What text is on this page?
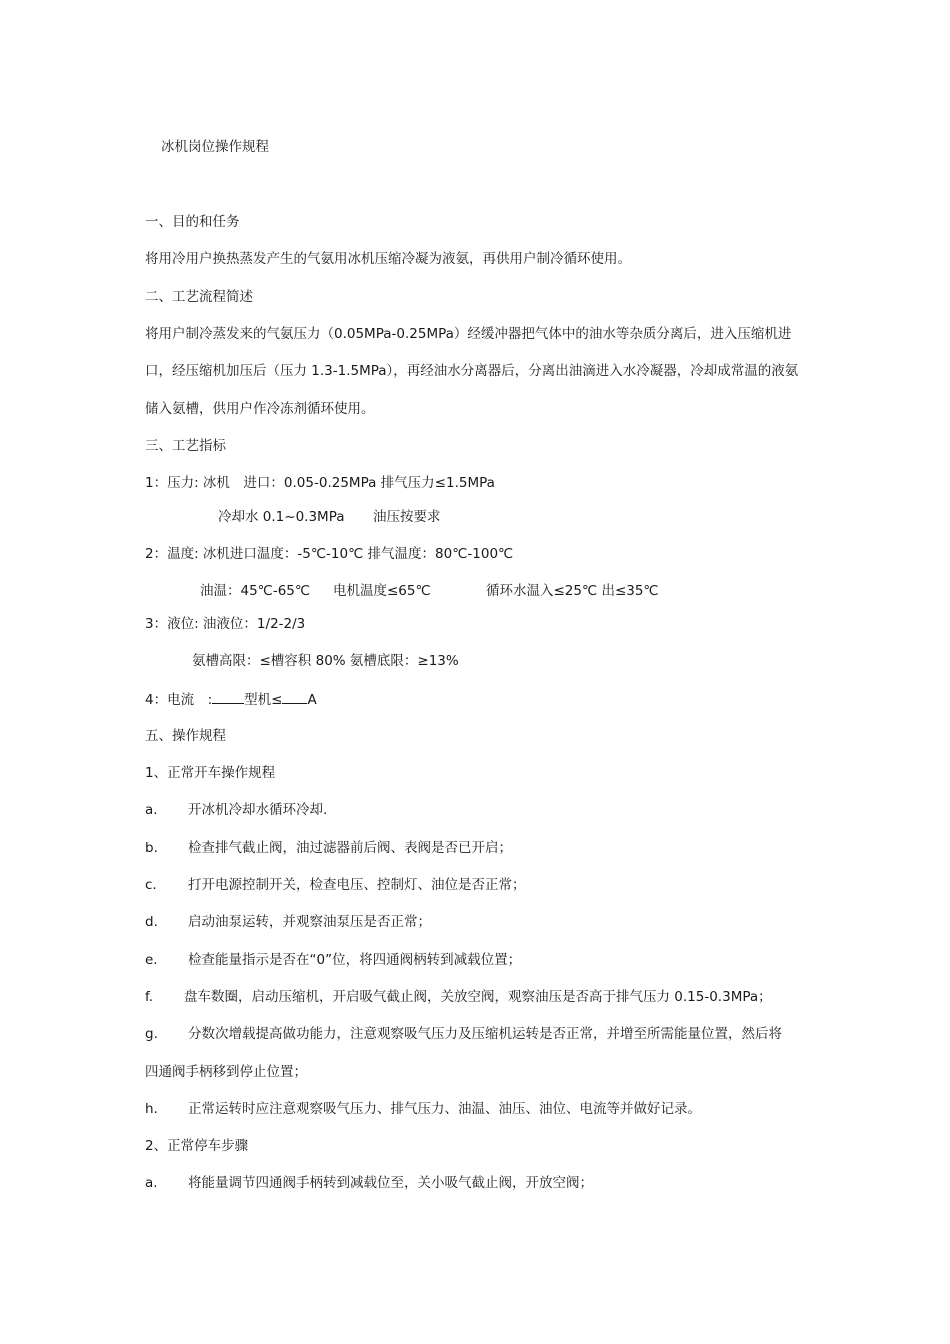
冰机岗位操作规程
一、目的和任务
将用冷用户换热蒸发产生的气氨用冰机压缩冷凝为液氨，再供用户制冷循环使用。
二、工艺流程简述
将用户制冷蒸发来的气氨压力（0.05MPa-0.25MPa）经缓冲器把气体中的油水等杂质分离后，进入压缩机进
口，经压缩机加压后（压力 1.3-1.5MPa），再经油水分离器后，分离出油滴进入水冷凝器，冷却成常温的液氨
储入氨槽，供用户作冷冻剂循环使用。
三、工艺指标
1：压力: 冰机　进口：0.05-0.25MPa 排气压力≤1.5MPa
冷却水 0.1~0.3MPa 油压按要求
2：温度: 冰机进口温度：-5℃-10℃ 排气温度：80℃-100℃
油温：45℃-65℃ 电机温度≤65℃	循环水温入≤25℃ 出≤35℃
3：液位: 油液位：1/2-2/3
氨槽高限：≤槽容积 80% 氨槽底限：≥13%
4：电流　: 型机≤ A
五、操作规程
1、正常开车操作规程
a. 开冰机冷却水循环冷却.
b. 检查排气截止阀，油过滤器前后阀、表阀是否已开启；
c. 打开电源控制开关，检查电压、控制灯、油位是否正常；
d. 启动油泵运转，并观察油泵压是否正常；
e. 检查能量指示是否在“0”位，将四通阀柄转到减载位置；
f. 盘车数圈，启动压缩机，开启吸气截止阀，关放空阀，观察油压是否高于排气压力 0.15-0.3MPa；
g. 分数次增载提高做功能力，注意观察吸气压力及压缩机运转是否正常，并增至所需能量位置，然后将
四通阀手柄移到停止位置；
h. 正常运转时应注意观察吸气压力、排气压力、油温、油压、油位、电流等并做好记录。
2、正常停车步骤
a. 将能量调节四通阀手柄转到减载位至，关小吸气截止阀，开放空阀；
